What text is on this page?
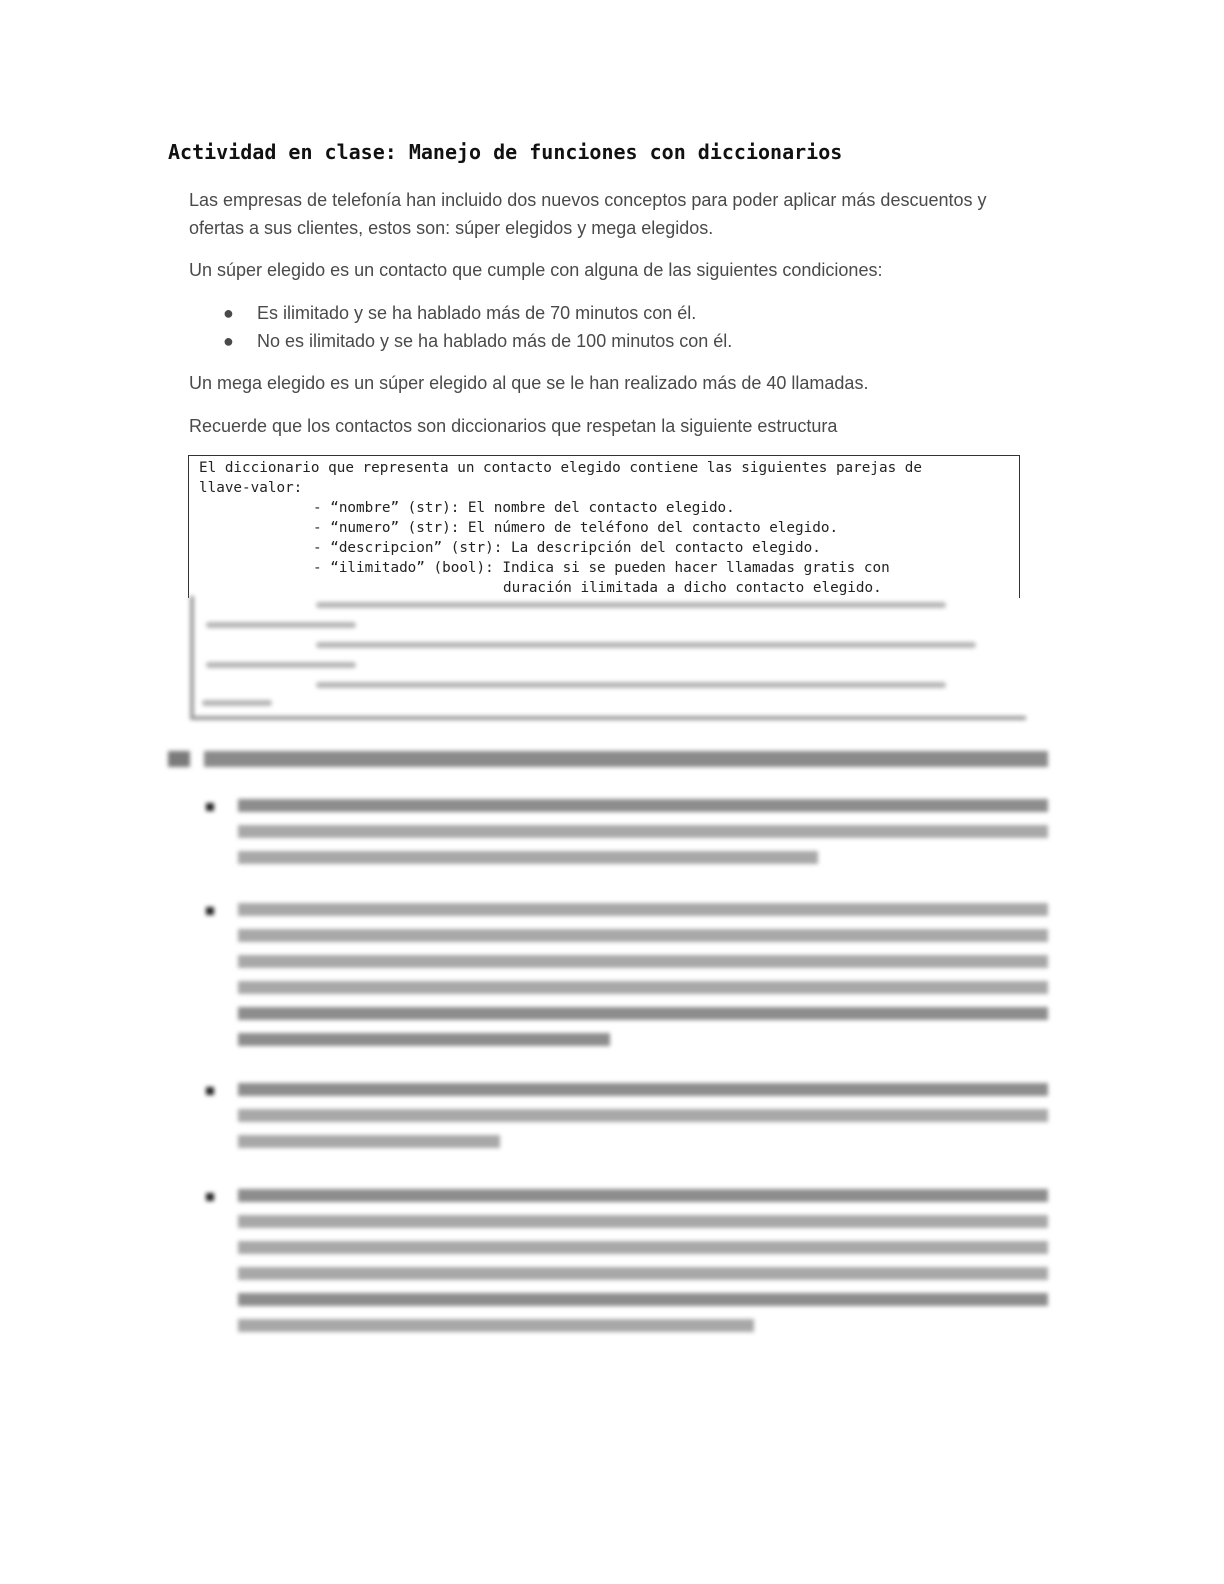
Actividad en clase: Manejo de funciones con diccionarios

Las empresas de telefonía han incluido dos nuevos conceptos para poder aplicar más descuentos y ofertas a sus clientes, estos son: súper elegidos y mega elegidos.

Un súper elegido es un contacto que cumple con alguna de las siguientes condiciones:

● Es ilimitado y se ha hablado más de 70 minutos con él.
● No es ilimitado y se ha hablado más de 100 minutos con él.

Un mega elegido es un súper elegido al que se le han realizado más de 40 llamadas.

Recuerde que los contactos son diccionarios que respetan la siguiente estructura

El diccionario que representa un contacto elegido contiene las siguientes parejas de
llave-valor:
- “nombre” (str): El nombre del contacto elegido.
- “numero” (str): El número de teléfono del contacto elegido.
- “descripcion” (str): La descripción del contacto elegido.
- “ilimitado” (bool): Indica si se pueden hacer llamadas gratis con
duración ilimitada a dicho contacto elegido.
